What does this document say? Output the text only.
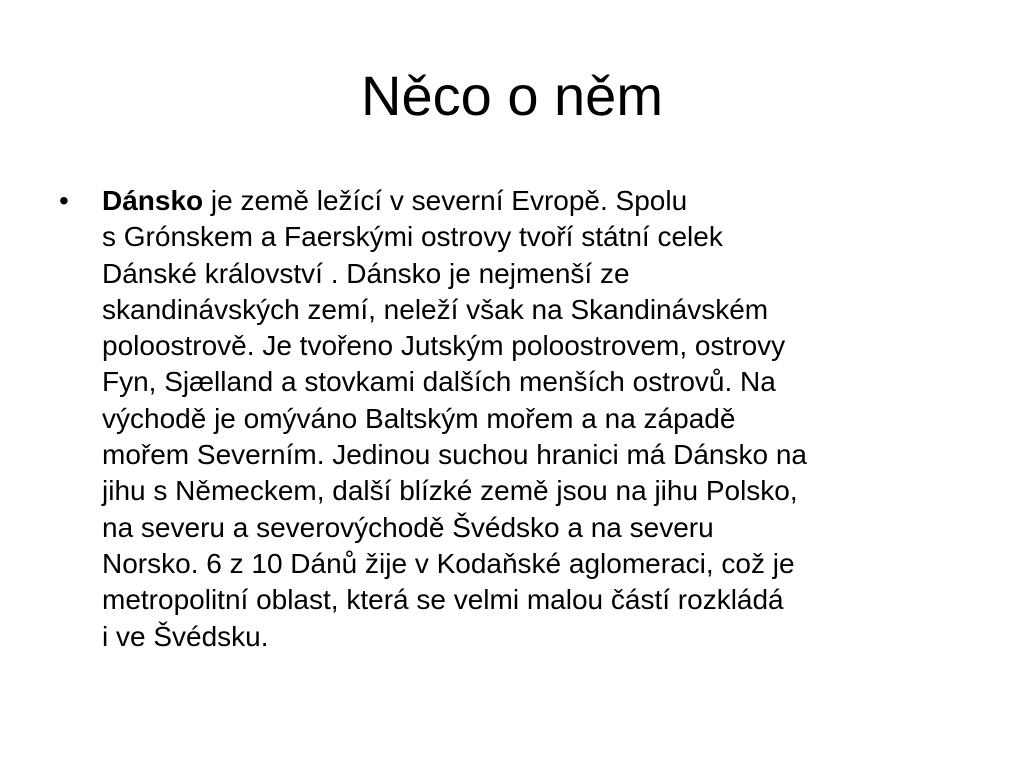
Něco o něm
• Dánsko je země ležící v severní Evropě. Spolu
s Grónskem a Faerskými ostrovy tvoří státní celek
Dánské království . Dánsko je nejmenší ze
skandinávských zemí, neleží však na Skandinávském
poloostrově. Je tvořeno Jutským poloostrovem, ostrovy
Fyn, Sjælland a stovkami dalších menších ostrovů. Na
východě je omýváno Baltským mořem a na západě
mořem Severním. Jedinou suchou hranici má Dánsko na
jihu s Německem, další blízké země jsou na jihu Polsko,
na severu a severovýchodě Švédsko a na severu
Norsko. 6 z 10 Dánů žije v Kodaňské aglomeraci, což je
metropolitní oblast, která se velmi malou částí rozkládá
i ve Švédsku.
